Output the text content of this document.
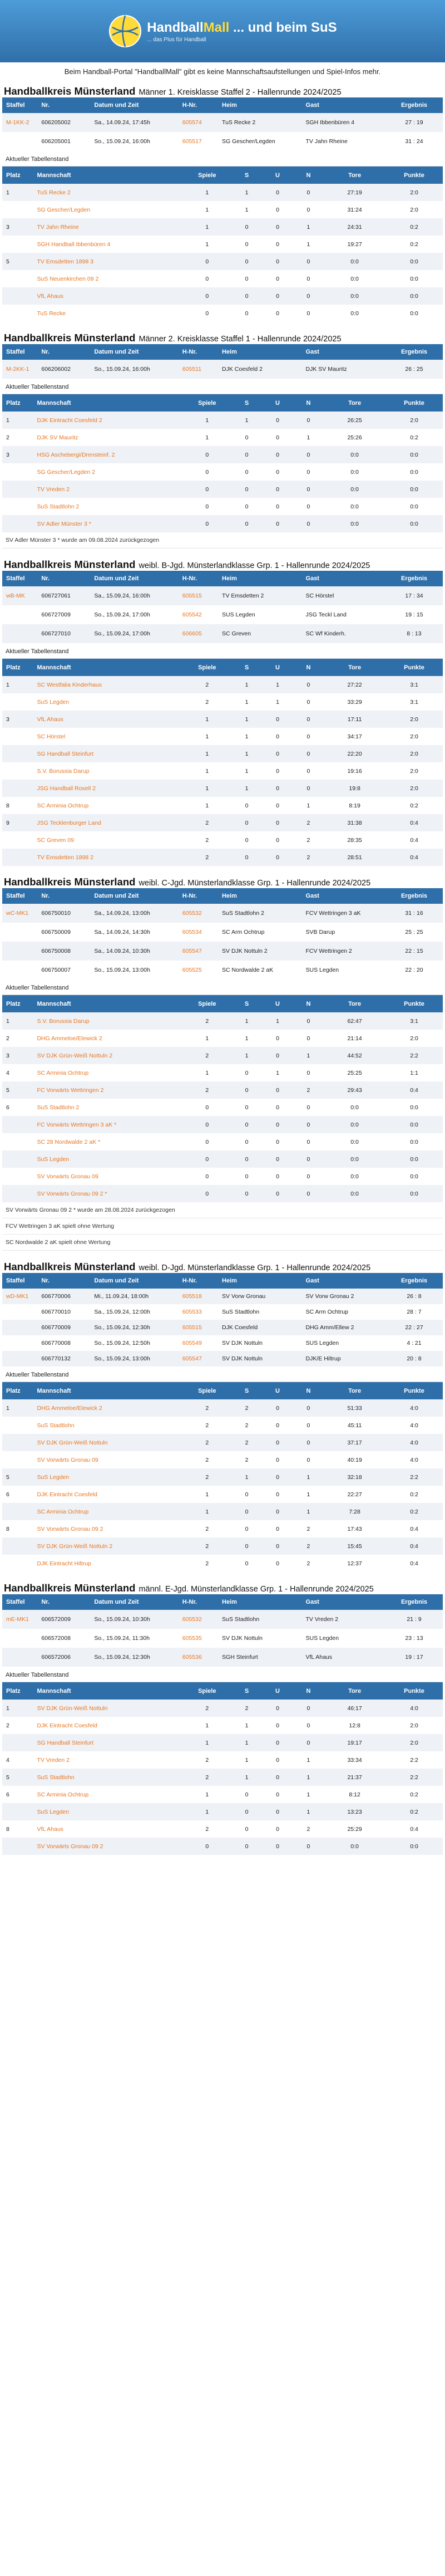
HandballMall ... und beim SuS
... das Plus für Handball
Beim Handball-Portal "HandballMall" gibt es keine Mannschaftsaufstellungen und Spiel-Infos mehr.
Handballkreis Münsterland Männer 1. Kreisklasse Staffel 2 - Hallenrunde 2024/2025
Staffel	Nr.	Datum und Zeit	H-Nr.	Heim	Gast	Ergebnis
M-1KK-2	606205002	Sa., 14.09.24, 17:45h	605574	TuS Recke 2	SGH Ibbenbüren 4	27 : 19
	606205001	So., 15.09.24, 16:00h	605517	SG Gescher/Legden	TV Jahn Rheine	31 : 24
Aktueller Tabellenstand
Platz	Mannschaft	Spiele	S	U	N	Tore	Punkte
1	TuS Recke 2	1	1	0	0	27:19	2:0
	SG Gescher/Legden	1	1	0	0	31:24	2:0
3	TV Jahn Rheine	1	0	0	1	24:31	0:2
	SGH Handball Ibbenbüren 4	1	0	0	1	19:27	0:2
5	TV Emsdetten 1898 3	0	0	0	0	0:0	0:0
	SuS Neuenkirchen 09 2	0	0	0	0	0:0	0:0
	VfL Ahaus	0	0	0	0	0:0	0:0
	TuS Recke	0	0	0	0	0:0	0:0
Handballkreis Münsterland Männer 2. Kreisklasse Staffel 1 - Hallenrunde 2024/2025
Staffel	Nr.	Datum und Zeit	H-Nr.	Heim	Gast	Ergebnis
M-2KK-1	606206002	So., 15.09.24, 16:00h	605511	DJK Coesfeld 2	DJK SV Mauritz	26 : 25
Aktueller Tabellenstand
Platz	Mannschaft	Spiele	S	U	N	Tore	Punkte
1	DJK Eintracht Coesfeld 2	1	1	0	0	26:25	2:0
2	DJK SV Mauritz	1	0	0	1	25:26	0:2
3	HSG Aschebergi/Drensteinf. 2	0	0	0	0	0:0	0:0
	SG Gescher/Legden 2	0	0	0	0	0:0	0:0
	TV Vreden 2	0	0	0	0	0:0	0:0
	SuS Stadtlohn 2	0	0	0	0	0:0	0:0
	SV Adler Münster 3 *	0	0	0	0	0:0	0:0
SV Adler Münster 3 * wurde am 09.08.2024 zurückgezogen
Handballkreis Münsterland weibl. B-Jgd. Münsterlandklasse Grp. 1 - Hallenrunde 2024/2025
Staffel	Nr.	Datum und Zeit	H-Nr.	Heim	Gast	Ergebnis
wB-MK	606727061	Sa., 15.09.24, 16:00h	605515	TV Emsdetten 2	SC Hörstel	17 : 34
	606727009	So., 15.09.24, 17:00h	605542	SUS Legden	JSG Teckl Land	19 : 15
	606727010	So., 15.09.24, 17:00h	606605	SC Greven	SC Wf Kinderh.	8 : 13
Aktueller Tabellenstand
Platz	Mannschaft	Spiele	S	U	N	Tore	Punkte
1	SC Westfalia Kinderhaus	2	1	1	0	27:22	3:1
	SuS Legden	2	1	1	0	33:29	3:1
3	VfL Ahaus	1	1	0	0	17:11	2:0
	SC Hörstel	1	1	0	0	34:17	2:0
	SG Handball Steinfurt	1	1	0	0	22:20	2:0
	S.V. Borussia Darup	1	1	0	0	19:16	2:0
	JSG Handball Rosell 2	1	1	0	0	19:8	2:0
8	SC Arminia Ochtrup	1	0	0	1	8:19	0:2
9	JSG Tecklenburger Land	2	0	0	2	31:38	0:4
	SC Greven 09	2	0	0	2	28:35	0:4
	TV Emsdetten 1898 2	2	0	0	2	28:51	0:4
Handballkreis Münsterland weibl. C-Jgd. Münsterlandklasse Grp. 1 - Hallenrunde 2024/2025
Staffel	Nr.	Datum und Zeit	H-Nr.	Heim	Gast	Ergebnis
wC-MK1	606750010	Sa., 14.09.24, 13:00h	605532	SuS Stadtlohn 2	FCV Wettringen 3 aK	31 : 16
	606750009	Sa., 14.09.24, 14:30h	605534	SC Arm Ochtrup	SVB Darup	25 : 25
	606750008	Sa., 14.09.24, 10:30h	605547	SV DJK Nottuln 2	FCV Wettringen 2	22 : 15
	606750007	So., 15.09.24, 13:00h	605525	SC Nordwalde 2 aK	SUS Legden	22 : 20
Aktueller Tabellenstand
Platz	Mannschaft	Spiele	S	U	N	Tore	Punkte
1	S.V. Borussia Darup	2	1	1	0	62:47	3:1
2	DHG Ammeloe/Elewick 2	1	1	0	0	21:14	2:0
3	SV DJK Grün-Weiß Nottuln 2	2	1	0	1	44:52	2:2
4	SC Arminia Ochtrup	1	0	1	0	25:25	1:1
5	FC Vorwärts Wettringen 2	2	0	0	2	29:43	0:4
6	SuS Stadtlohn 2	0	0	0	0	0:0	0:0
	FC Vorwärts Wettringen 3 aK *	0	0	0	0	0:0	0:0
	SC 28 Nordwalde 2 aK *	0	0	0	0	0:0	0:0
	SuS Legden	0	0	0	0	0:0	0:0
	SV Vorwärts Gronau 09	0	0	0	0	0:0	0:0
	SV Vorwärts Gronau 09 2 *	0	0	0	0	0:0	0:0
SV Vorwärts Gronau 09 2 * wurde am 28.08.2024 zurückgezogen
FCV Wettringen 3 aK spielt ohne Wertung
SC Nordwalde 2 aK spielt ohne Wertung
Handballkreis Münsterland weibl. D-Jgd. Münsterlandklasse Grp. 1 - Hallenrunde 2024/2025
Staffel	Nr.	Datum und Zeit	H-Nr.	Heim	Gast	Ergebnis
wD-MK1	606770006	Mi., 11.09.24, 18:00h	605518	SV Vorw Gronau	SV Vorw Gronau 2	26 : 8
	606770010	Sa., 15.09.24, 12:00h	605533	SuS Stadtlohn	SC Arm Ochtrup	28 : 7
	606770009	So., 15.09.24, 12:30h	605515	DJK Coesfeld	DHG Amm/Ellew 2	22 : 27
	606770008	So., 15.09.24, 12:50h	605549	SV DJK Nottuln	SUS Legden	4 : 21
	606770132	So., 15.09.24, 13:00h	605547	SV DJK Nottuln	DJK/E Hiltrup	20 : 8
Aktueller Tabellenstand
Platz	Mannschaft	Spiele	S	U	N	Tore	Punkte
1	DHG Ammeloe/Elewick 2	2	2	0	0	51:33	4:0
	SuS Stadtlohn	2	2	0	0	45:11	4:0
	SV DJK Grün-Weiß Nottuln	2	2	0	0	37:17	4:0
	SV Vorwärts Gronau 09	2	2	0	0	40:19	4:0
5	SuS Legden	2	1	0	1	32:18	2:2
6	DJK Eintracht Coesfeld	1	0	0	1	22:27	0:2
	SC Arminia Ochtrup	1	0	0	1	7:28	0:2
8	SV Vorwärts Gronau 09 2	2	0	0	2	17:43	0:4
	SV DJK Grün-Weiß Nottuln 2	2	0	0	2	15:45	0:4
	DJK Eintracht Hiltrup	2	0	0	2	12:37	0:4
Handballkreis Münsterland männl. E-Jgd. Münsterlandklasse Grp. 1 - Hallenrunde 2024/2025
Staffel	Nr.	Datum und Zeit	H-Nr.	Heim	Gast	Ergebnis
mE-MK1	606572009	So., 15.09.24, 10:30h	605532	SuS Stadtlohn	TV Vreden 2	21 : 9
	606572008	So., 15.09.24, 11:30h	605535	SV DJK Nottuln	SUS Legden	23 : 13
	606572006	So., 15.09.24, 12:30h	605536	SGH Steinfurt	VfL Ahaus	19 : 17
Aktueller Tabellenstand
Platz	Mannschaft	Spiele	S	U	N	Tore	Punkte
1	SV DJK Grün-Weiß Nottuln	2	2	0	0	46:17	4:0
2	DJK Eintracht Coesfeld	1	1	0	0	12:8	2:0
	SG Handball Steinfurt	1	1	0	0	19:17	2:0
4	TV Vreden 2	2	1	0	1	33:34	2:2
5	SuS Stadtlohn	2	1	0	1	21:37	2:2
6	SC Arminia Ochtrup	1	0	0	1	8:12	0:2
	SuS Legden	1	0	0	1	13:23	0:2
8	VfL Ahaus	2	0	0	2	25:29	0:4
	SV Vorwärts Gronau 09 2	0	0	0	0	0:0	0:0
